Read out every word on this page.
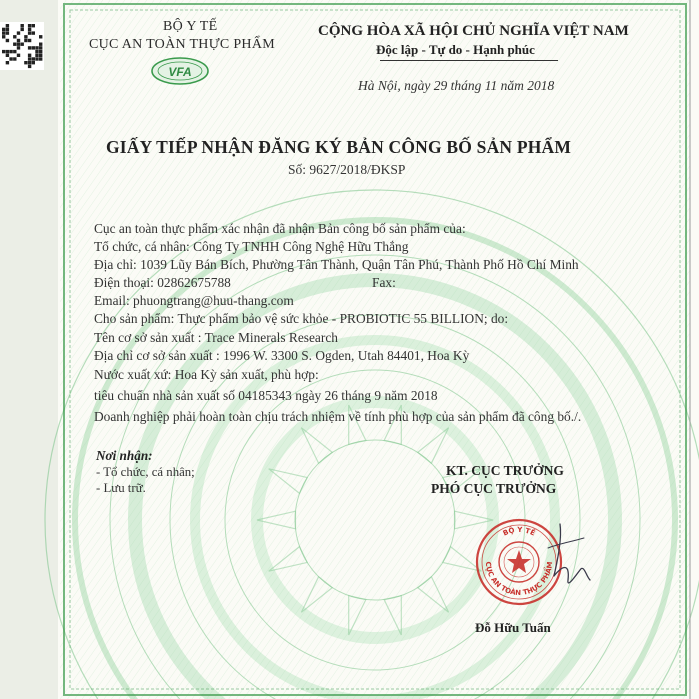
BỘ Y TẾ
CỤC AN TOÀN THỰC PHẨM
VFA
CỘNG HÒA XÃ HỘI CHỦ NGHĨA VIỆT NAM
Độc lập - Tự do - Hạnh phúc
Hà Nội, ngày 29 tháng 11 năm 2018
GIẤY TIẾP NHẬN ĐĂNG KÝ BẢN CÔNG BỐ SẢN PHẨM
Số: 9627/2018/ĐKSP
Cục an toàn thực phẩm xác nhận đã nhận Bản công bố sản phẩm của:
Tổ chức, cá nhân: Công Ty TNHH Công Nghệ Hữu Thắng
Địa chỉ: 1039 Lũy Bán Bích, Phường Tân Thành, Quận Tân Phú, Thành Phố Hồ Chí Minh
Điện thoại: 02862675788	Fax:
Email: phuongtrang@huu-thang.com
Cho sản phẩm: Thực phẩm bảo vệ sức khỏe - PROBIOTIC 55 BILLION; do:
Tên cơ sở sản xuất : Trace Minerals Research
Địa chỉ cơ sở sản xuất : 1996 W. 3300 S. Ogden, Utah 84401, Hoa Kỳ
Nước xuất xứ: Hoa Kỳ sản xuất, phù hợp:
tiêu chuẩn nhà sản xuất số 04185343 ngày 26 tháng 9 năm 2018
Doanh nghiệp phải hoàn toàn chịu trách nhiệm về tính phù hợp của sản phẩm đã công bố./.
Nơi nhận:
- Tổ chức, cá nhân;
- Lưu trữ.
KT. CỤC TRƯỞNG
PHÓ CỤC TRƯỞNG
BỘ Y TẾ
CỤC AN TOÀN THỰC PHẨM
Đỗ Hữu Tuấn
